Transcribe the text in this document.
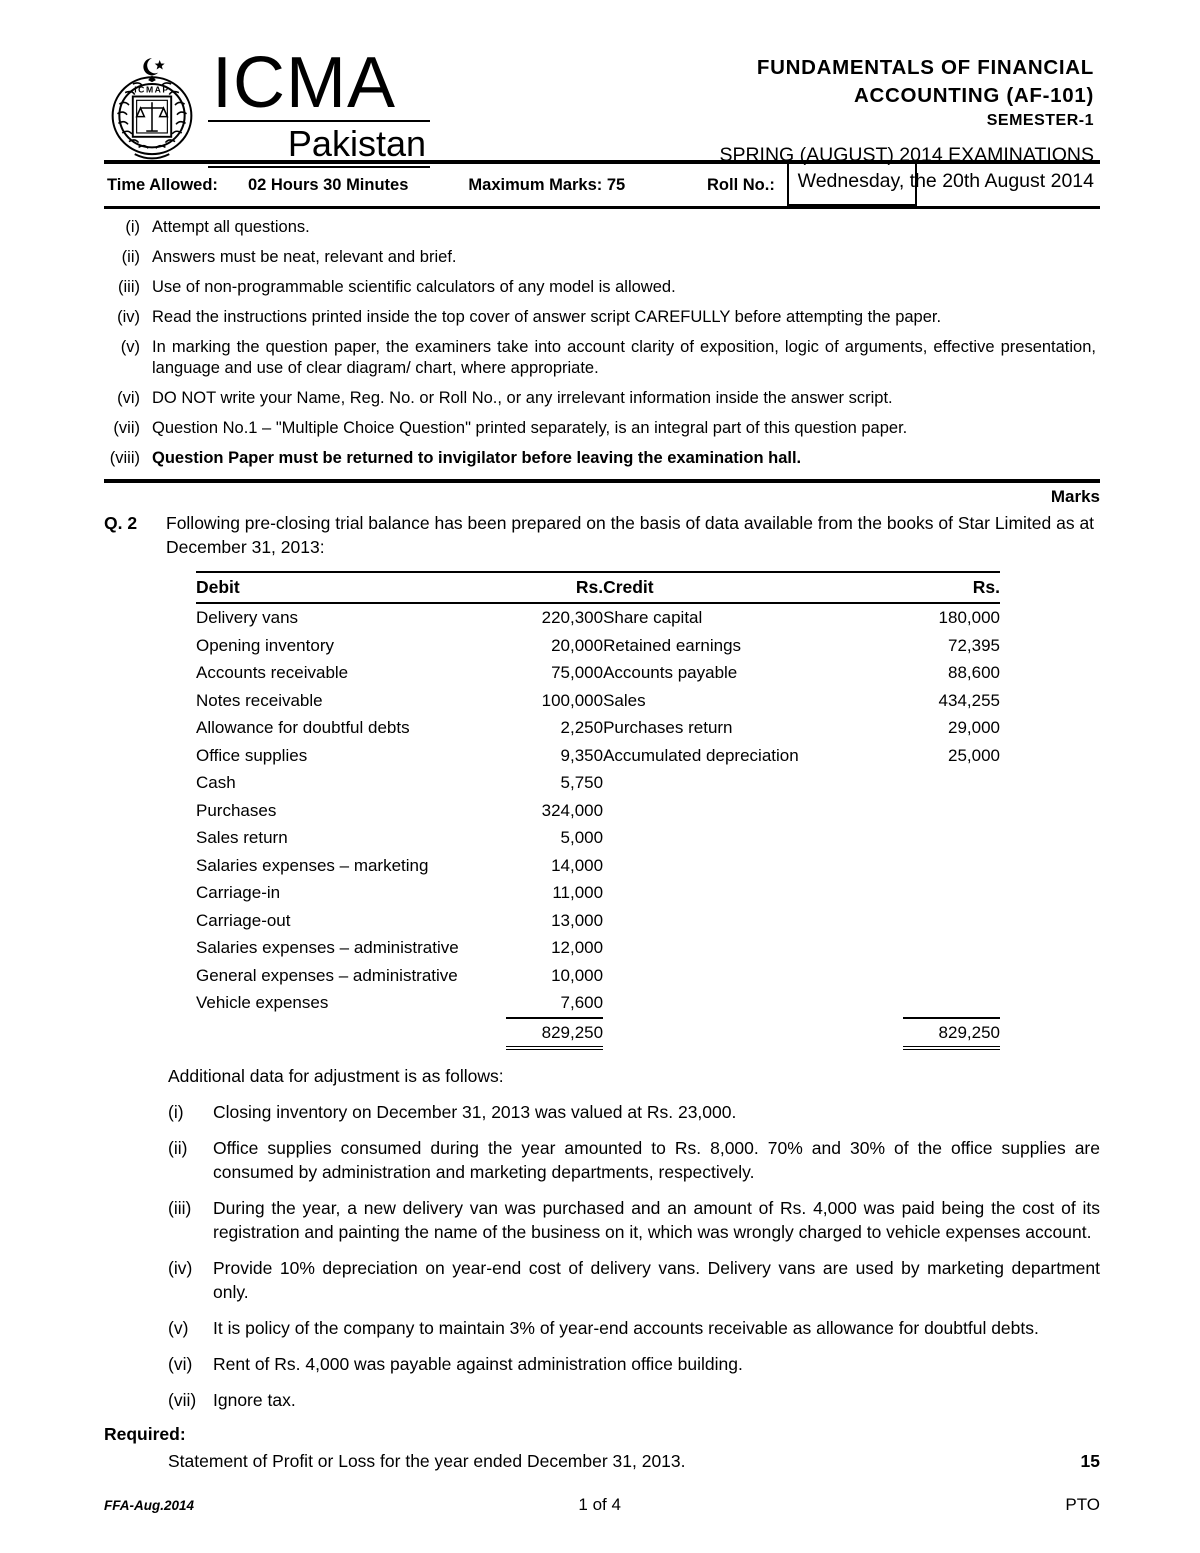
ICMAP ICMA
Pakistan
FUNDAMENTALS OF FINANCIAL
ACCOUNTING (AF-101)
SEMESTER-1
SPRING (AUGUST) 2014 EXAMINATIONS
Wednesday, the 20th August 2014
Time Allowed: 02 Hours 30 Minutes	Maximum Marks: 75	Roll No.:
(i) Attempt all questions.
(ii) Answers must be neat, relevant and brief.
(iii) Use of non-programmable scientific calculators of any model is allowed.
(iv) Read the instructions printed inside the top cover of answer script CAREFULLY before attempting the paper.
(v) In marking the question paper, the examiners take into account clarity of exposition, logic of arguments, effective presentation, language and use of clear diagram/ chart, where appropriate.
(vi) DO NOT write your Name, Reg. No. or Roll No., or any irrelevant information inside the answer script.
(vii) Question No.1 – "Multiple Choice Question" printed separately, is an integral part of this question paper.
(viii) Question Paper must be returned to invigilator before leaving the examination hall.
Marks
Q. 2	Following pre-closing trial balance has been prepared on the basis of data available from the books of Star Limited as at December 31, 2013:
Debit	Rs.	Credit	Rs.
Delivery vans	220,300	Share capital	180,000
Opening inventory	20,000	Retained earnings	72,395
Accounts receivable	75,000	Accounts payable	88,600
Notes receivable	100,000	Sales	434,255
Allowance for doubtful debts	2,250	Purchases return	29,000
Office supplies	9,350	Accumulated depreciation	25,000
Cash	5,750		
Purchases	324,000		
Sales return	5,000		
Salaries expenses – marketing	14,000		
Carriage-in	11,000		
Carriage-out	13,000		
Salaries expenses – administrative	12,000		
General expenses – administrative	10,000		
Vehicle expenses	7,600		
	829,250		829,250
Additional data for adjustment is as follows:
(i)	Closing inventory on December 31, 2013 was valued at Rs. 23,000.
(ii)	Office supplies consumed during the year amounted to Rs. 8,000. 70% and 30% of the office supplies are consumed by administration and marketing departments, respectively.
(iii)	During the year, a new delivery van was purchased and an amount of Rs. 4,000 was paid being the cost of its registration and painting the name of the business on it, which was wrongly charged to vehicle expenses account.
(iv)	Provide 10% depreciation on year-end cost of delivery vans. Delivery vans are used by marketing department only.
(v)	It is policy of the company to maintain 3% of year-end accounts receivable as allowance for doubtful debts.
(vi)	Rent of Rs. 4,000 was payable against administration office building.
(vii) Ignore tax.
Required:
Statement of Profit or Loss for the year ended December 31, 2013.	15
FFA-Aug.2014	1 of 4	PTO
